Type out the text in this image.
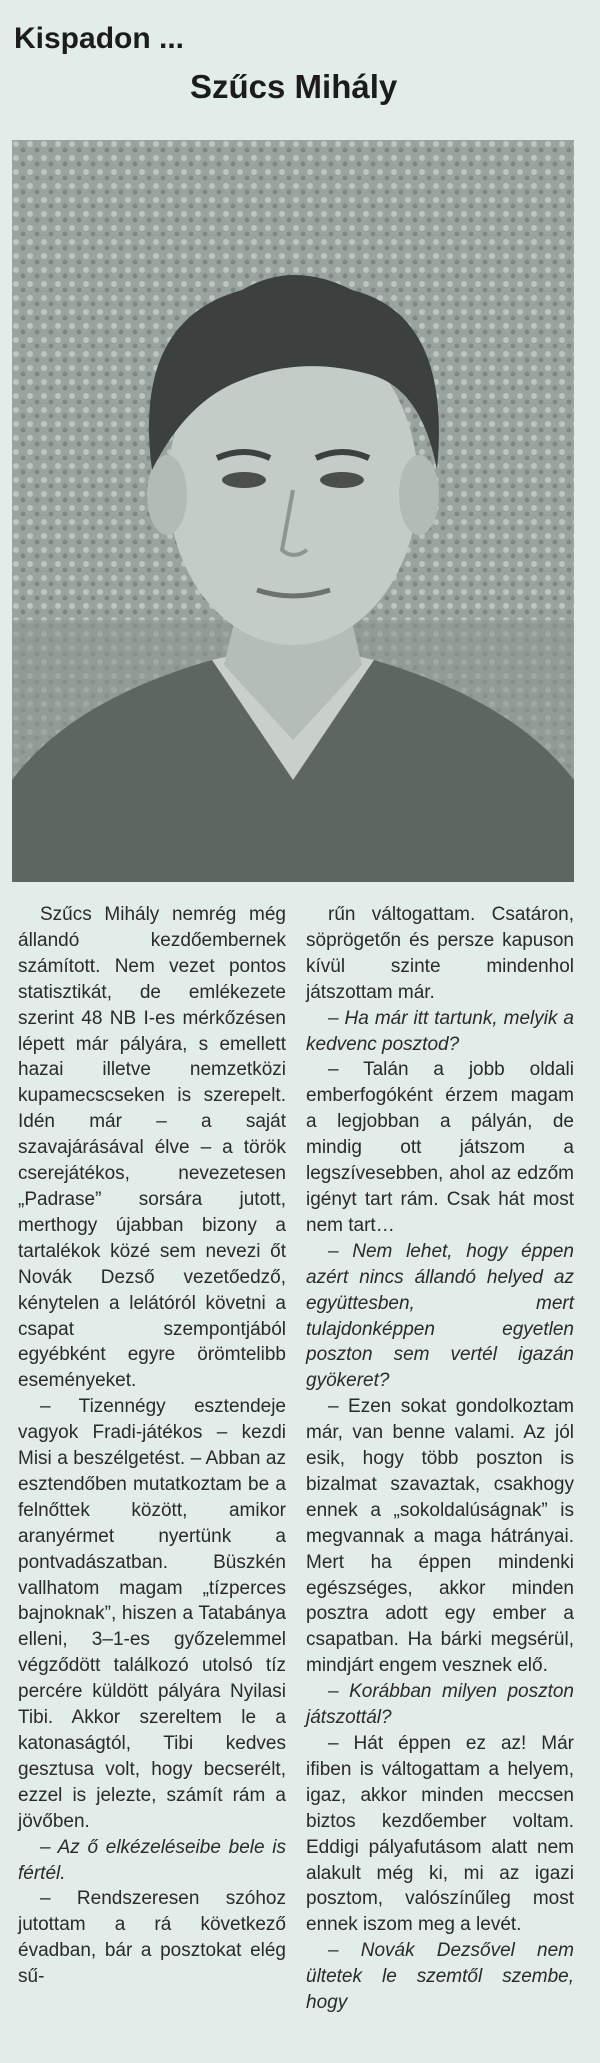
Kispadon ...
Szűcs Mihály

Szűcs Mihály nemrég még állandó kezdőembernek számított. Nem vezet pontos statisztikát, de emlékezete szerint 48 NB I-es mérkőzésen lépett már pályára, s emellett hazai illetve nemzetközi kupamecscseken is szerepelt. Idén már – a saját szavajárásával élve – a török cserejátékos, nevezetesen „Padrase” sorsára jutott, merthogy újabban bizony a tartalékok közé sem nevezi őt Novák Dezső vezetőedző, kénytelen a lelátóról követni a csapat szempontjából egyébként egyre örömtelibb eseményeket.

– Tizennégy esztendeje vagyok Fradi-játékos – kezdi Misi a beszélgetést. – Abban az esztendőben mutatkoztam be a felnőttek között, amikor aranyérmet nyertünk a pontvadászatban. Büszkén vallhatom magam „tízperces bajnoknak”, hiszen a Tatabánya elleni, 3–1-es győzelemmel végződött találkozó utolsó tíz percére küldött pályára Nyilasi Tibi. Akkor szereltem le a katonaságtól, Tibi kedves gesztusa volt, hogy becserélt, ezzel is jelezte, számít rám a jövőben.

– Az ő elkézeléseibe bele is fértél.

– Rendszeresen szóhoz jutottam a rá következő évadban, bár a posztokat elég sű-

rűn váltogattam. Csatáron, söprögetőn és persze kapuson kívül szinte mindenhol játszottam már.

– Ha már itt tartunk, melyik a kedvenc posztod?

– Talán a jobb oldali emberfogóként érzem magam a legjobban a pályán, de mindig ott játszom a legszívesebben, ahol az edzőm igényt tart rám. Csak hát most nem tart…

– Nem lehet, hogy éppen azért nincs állandó helyed az együttesben, mert tulajdonképpen egyetlen poszton sem vertél igazán gyökeret?

– Ezen sokat gondolkoztam már, van benne valami. Az jól esik, hogy több poszton is bizalmat szavaztak, csakhogy ennek a „sokoldalúságnak” is megvannak a maga hátrányai. Mert ha éppen mindenki egészséges, akkor minden posztra adott egy ember a csapatban. Ha bárki megsérül, mindjárt engem vesznek elő.

– Korábban milyen poszton játszottál?

– Hát éppen ez az! Már ifiben is váltogattam a helyem, igaz, akkor minden meccsen biztos kezdőember voltam. Eddigi pályafutásom alatt nem alakult még ki, mi az igazi posztom, valószínűleg most ennek iszom meg a levét.

– Novák Dezsővel nem ültetek le szemtől szembe, hogy
